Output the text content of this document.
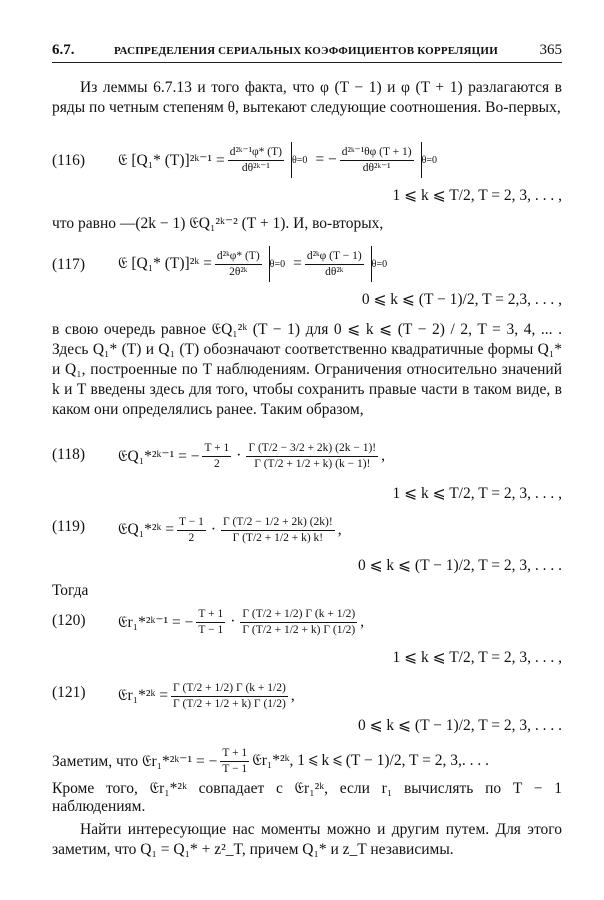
6.7.	РАСПРЕДЕЛЕНИЯ СЕРИАЛЬНЫХ КОЭФФИЦИЕНТОВ КОРРЕЛЯЦИИ	365
Из леммы 6.7.13 и того факта, что φ (T − 1) и φ (T + 1) разлагаются в ряды по четным степеням θ, вытекают следующие соотношения. Во-первых,
(116) 𝔈 [Q₁* (T)]²ᵏ⁻¹ = $\frac{\text{d²ᵏ⁻¹φ* (T)}}{\text{dθ²ᵏ⁻¹}} \theta=0$ = − $\frac{\text{d²ᵏ⁻¹θφ (T + 1)}}{\text{dθ²ᵏ⁻¹}} \theta=0$
1 ⩽ k ⩽ T/2, T = 2, 3, . . . ,
что равно —(2k − 1) 𝔈Q₁²ᵏ⁻² (T + 1). И, во-вторых,
(117) 𝔈 [Q₁* (T)]²ᵏ = $\frac{\text{d²ᵏφ* (T)}}{\text{2θ²ᵏ}} \theta=0 = \frac{\text{d²ᵏφ (T − 1)}}{\text{dθ²ᵏ}} \theta=0$
0 ⩽ k ⩽ (T − 1)/2, T = 2,3, . . . ,
в свою очередь равное 𝔈Q₁²ᵏ (T − 1) для 0 ⩽ k ⩽ (T − 2) / 2, T = 3, 4, ... . Здесь Q₁* (T) и Q₁ (T) обозначают соответственно квадратичные формы Q₁* и Q₁, построенные по T наблюдениям. Ограничения относительно значений k и T введены здесь для того, чтобы сохранить правые части в таком виде, в каком они определялись ранее. Таким образом,
(118) 𝔈Q₁*²ᵏ⁻¹ = − $\frac{T + 1}{2} \cdot \frac{\Gamma (T/2 - 3/2 + 2k) (2k - 1)!}{\Gamma (T/2 + 1/2 + k) (k - 1)!}$ ,
1 ⩽ k ⩽ T/2, T = 2, 3, . . . ,
(119) 𝔈Q₁*²ᵏ = $\frac{T - 1}{2} \cdot \frac{\Gamma (T/2 - 1/2 + 2k) (2k)!}{\Gamma (T/2 + 1/2 + k) k!}$ ,
0 ⩽ k ⩽ (T − 1)/2, T = 2, 3, . . . .
Тогда
(120) 𝔈r₁*²ᵏ⁻¹ = − $\frac{T + 1}{T - 1} \cdot \frac{\Gamma (T/2 + 1/2) \Gamma (k + 1/2)}{\Gamma (T/2 + 1/2 + k) \Gamma (1/2)}$ ,
1 ⩽ k ⩽ T/2, T = 2, 3, . . . ,
(121) 𝔈r₁*²ᵏ = $\frac{\Gamma (T/2 + 1/2) \Gamma (k + 1/2)}{\Gamma (T/2 + 1/2 + k) \Gamma (1/2)}$ ,
0 ⩽ k ⩽ (T − 1)/2, T = 2, 3, . . . .
Заметим, что 𝔈r₁*²ᵏ⁻¹ = − $\frac{T + 1}{T - 1}$ 𝔈r₁*²ᵏ, 1 ⩽ k ⩽ (T − 1)/2, T = 2, 3,. . . .
Кроме того, 𝔈r₁*²ᵏ совпадает с 𝔈r₁²ᵏ, если r₁ вычислять по T − 1 наблюдениям.
Найти интересующие нас моменты можно и другим путем. Для этого заметим, что Q₁ = Q₁* + z²_T, причем Q₁* и z_T независимы.
